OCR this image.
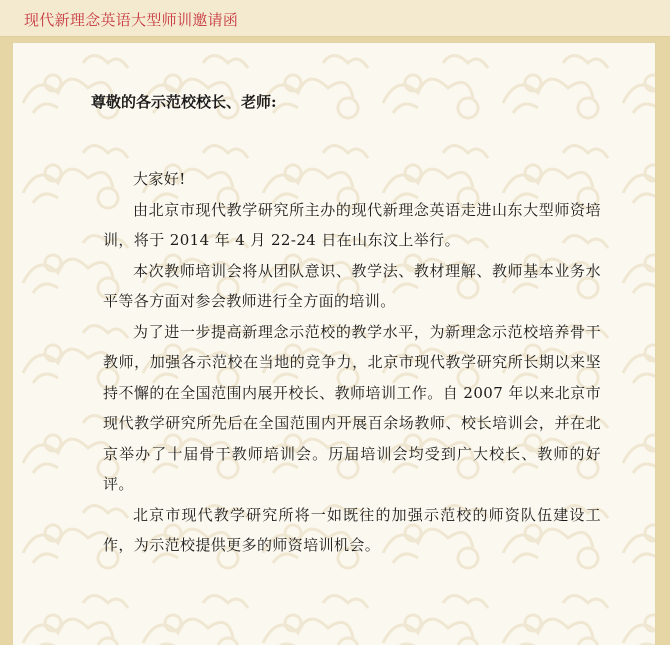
现代新理念英语大型师训邀请函

尊敬的各示范校校长、老师:

大家好!

由北京市现代教学研究所主办的现代新理念英语走进山东大型师资培训，将于 2014 年 4 月 22-24 日在山东汶上举行。

本次教师培训会将从团队意识、教学法、教材理解、教师基本业务水平等各方面对参会教师进行全方面的培训。

为了进一步提高新理念示范校的教学水平，为新理念示范校培养骨干教师，加强各示范校在当地的竞争力，北京市现代教学研究所长期以来坚持不懈的在全国范围内展开校长、教师培训工作。自 2007 年以来北京市现代教学研究所先后在全国范围内开展百余场教师、校长培训会，并在北京举办了十届骨干教师培训会。历届培训会均受到广大校长、教师的好评。

北京市现代教学研究所将一如既往的加强示范校的师资队伍建设工作，为示范校提供更多的师资培训机会。
